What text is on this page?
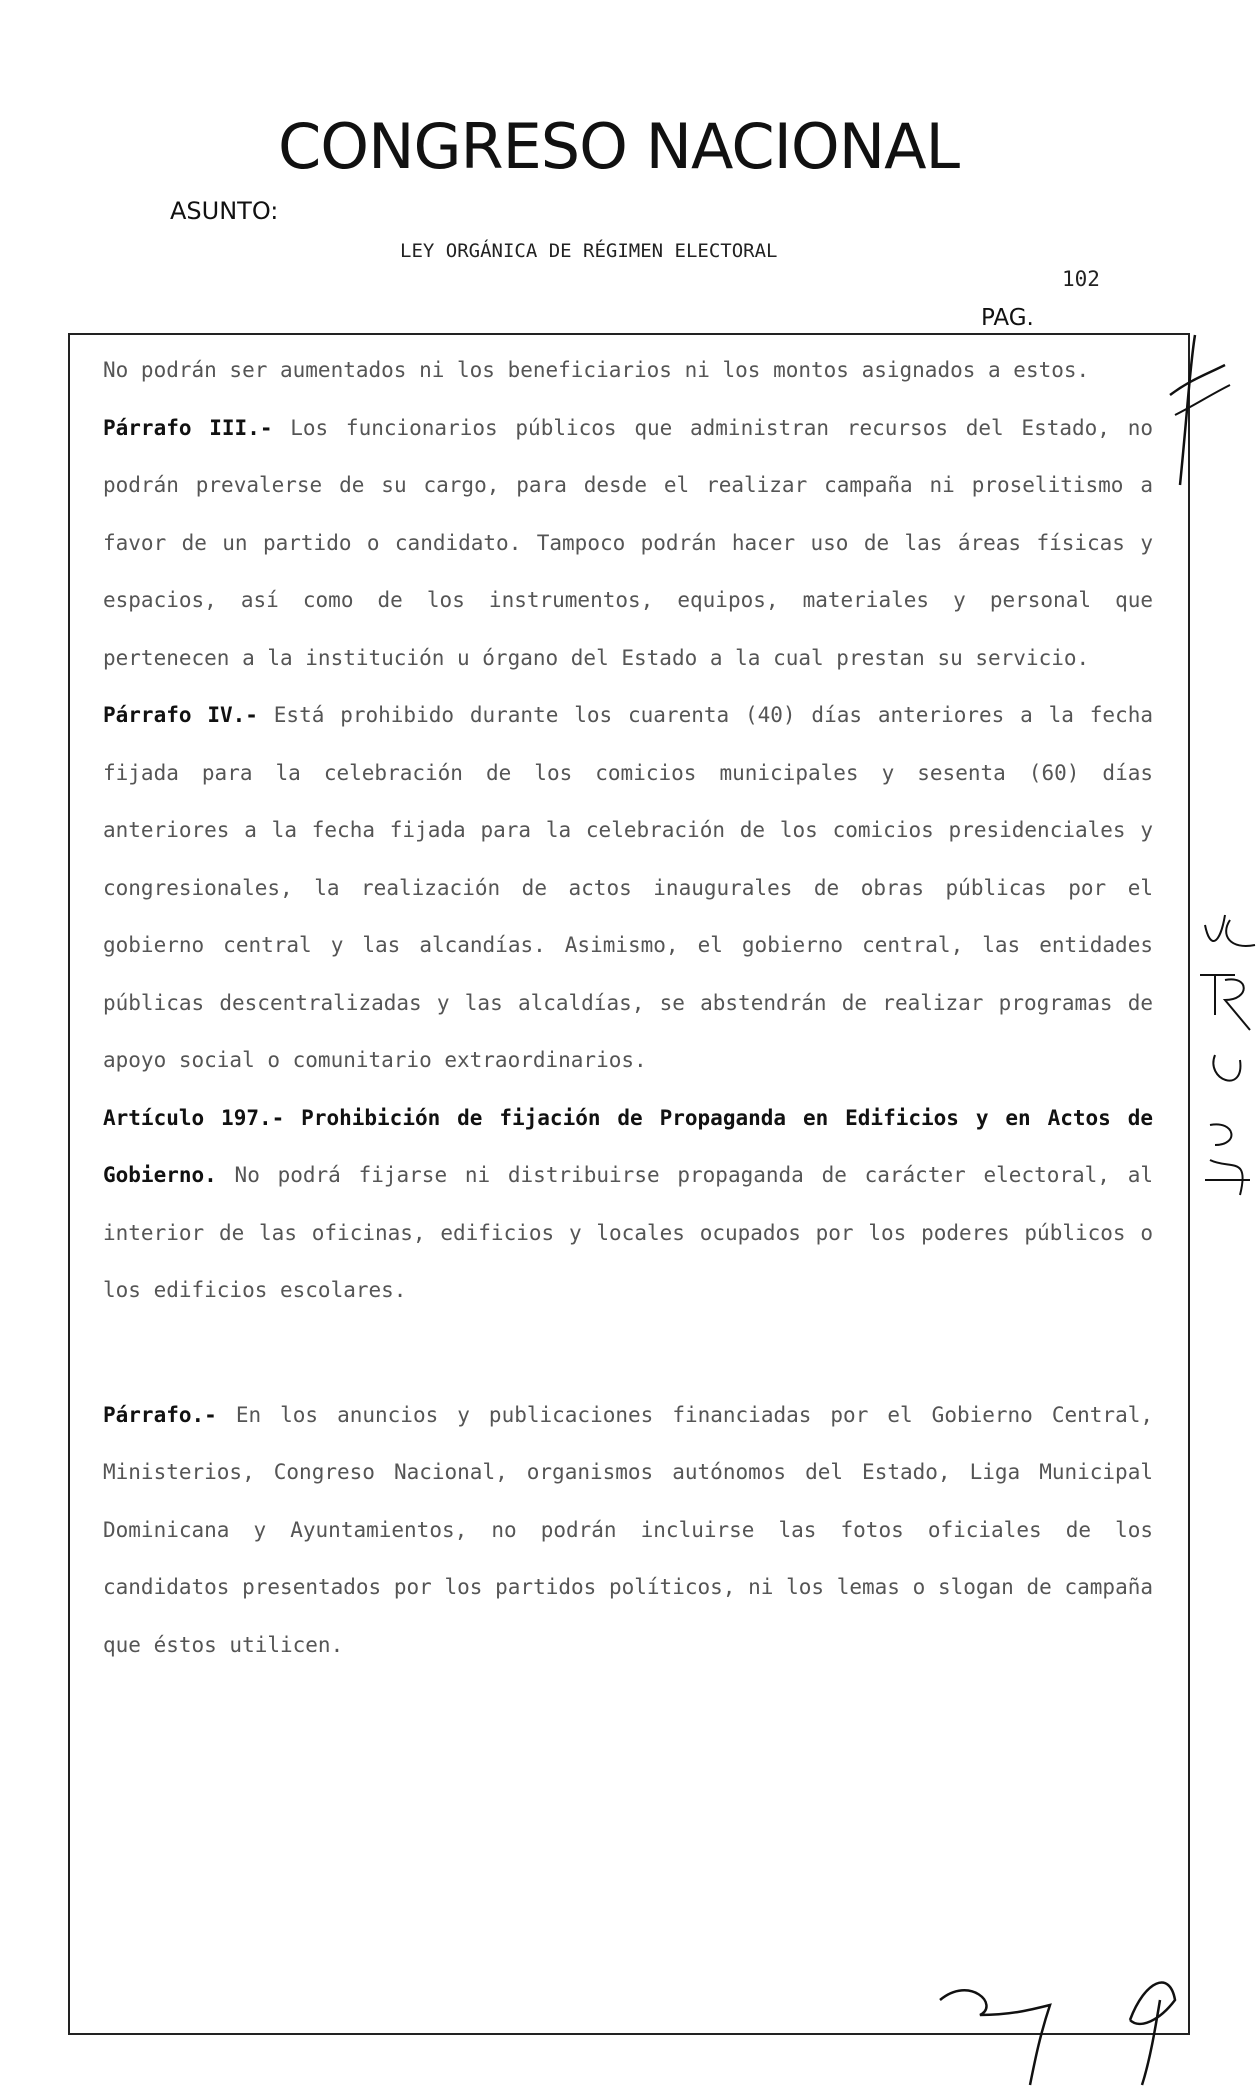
CONGRESO NACIONAL
ASUNTO:
LEY ORGÁNICA DE RÉGIMEN ELECTORAL
102
PAG.

No podrán ser aumentados ni los beneficiarios ni los montos asignados a estos.

Párrafo III.- Los funcionarios públicos que administran recursos del Estado, no podrán prevalerse de su cargo, para desde el realizar campaña ni proselitismo a favor de un partido o candidato. Tampoco podrán hacer uso de las áreas físicas y espacios, así como de los instrumentos, equipos, materiales y personal que pertenecen a la institución u órgano del Estado a la cual prestan su servicio.

Párrafo IV.- Está prohibido durante los cuarenta (40) días anteriores a la fecha fijada para la celebración de los comicios municipales y sesenta (60) días anteriores a la fecha fijada para la celebración de los comicios presidenciales y congresionales, la realización de actos inaugurales de obras públicas por el gobierno central y las alcandías. Asimismo, el gobierno central, las entidades públicas descentralizadas y las alcaldías, se abstendrán de realizar programas de apoyo social o comunitario extraordinarios.

Artículo 197.- Prohibición de fijación de Propaganda en Edificios y en Actos de Gobierno. No podrá fijarse ni distribuirse propaganda de carácter electoral, al interior de las oficinas, edificios y locales ocupados por los poderes públicos o los edificios escolares.

Párrafo.- En los anuncios y publicaciones financiadas por el Gobierno Central, Ministerios, Congreso Nacional, organismos autónomos del Estado, Liga Municipal Dominicana y Ayuntamientos, no podrán incluirse las fotos oficiales de los candidatos presentados por los partidos políticos, ni los lemas o slogan de campaña que éstos utilicen.
